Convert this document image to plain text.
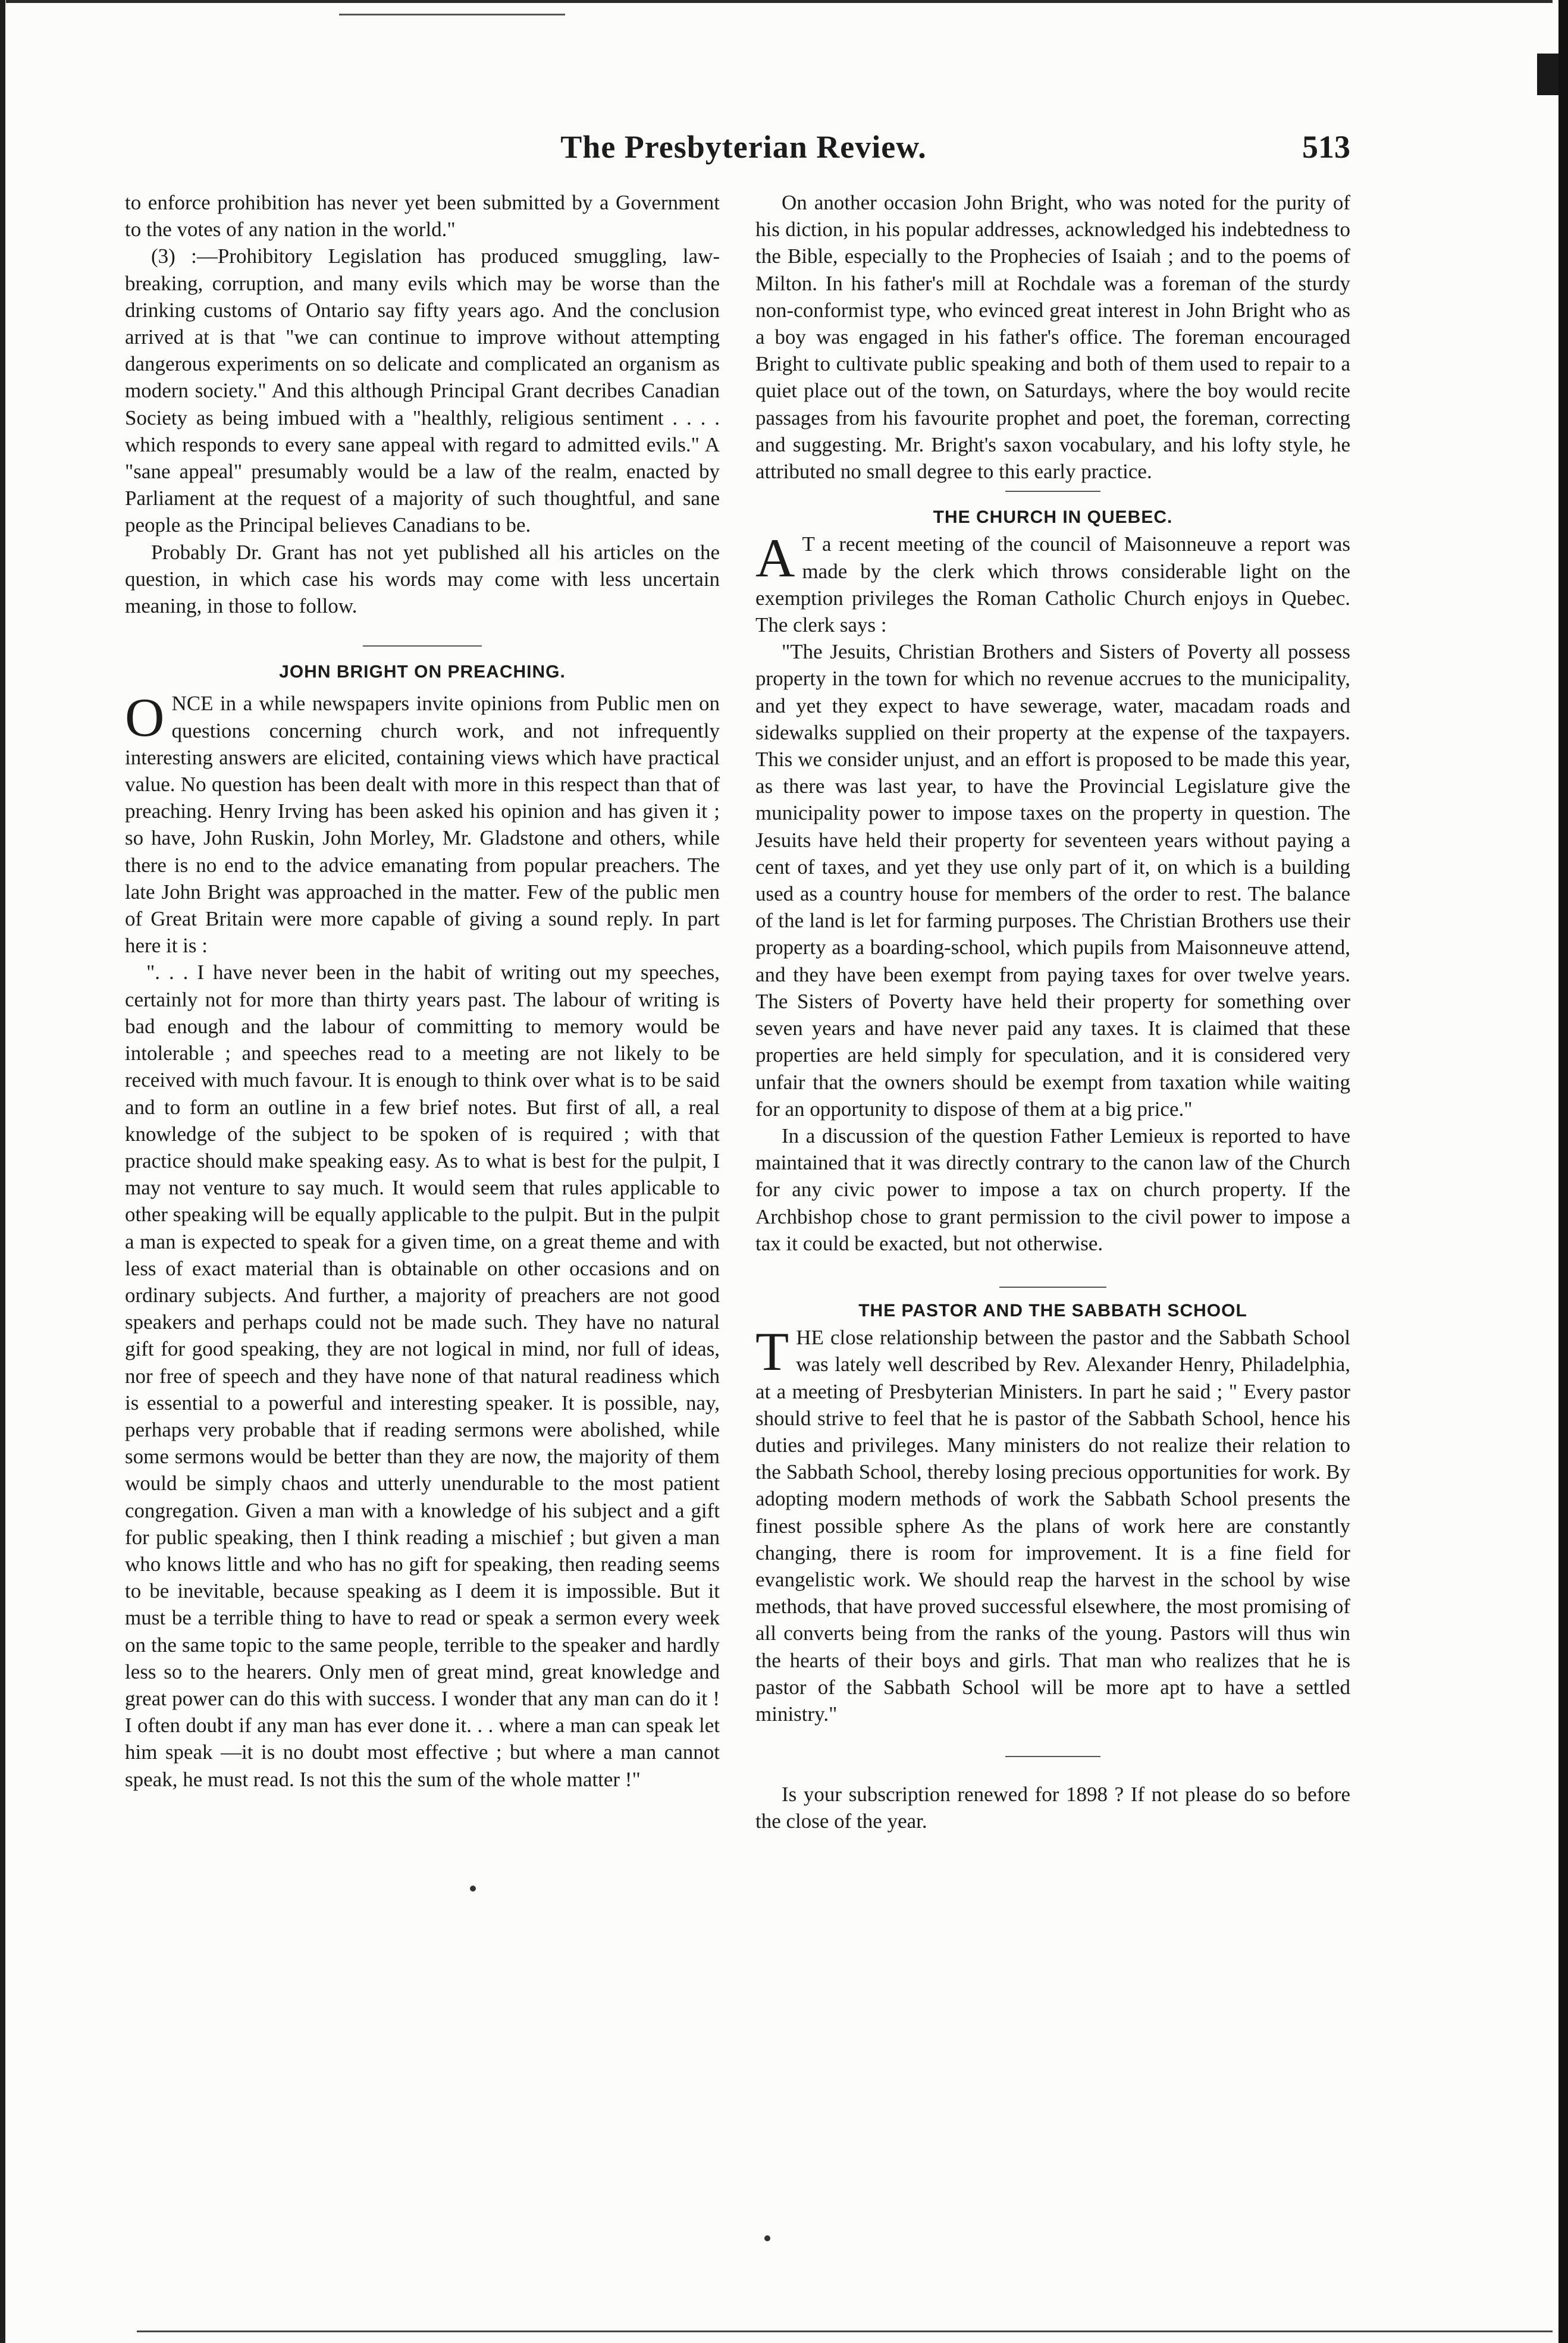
The Presbyterian Review.	513

to enforce prohibition has never yet been submitted by a Government to the votes of any nation in the world."

(3) :—Prohibitory Legislation has produced smuggling, law-breaking, corruption, and many evils which may be worse than the drinking customs of Ontario say fifty years ago. And the conclusion arrived at is that "we can continue to improve without attempting dangerous experiments on so delicate and complicated an organism as modern society." And this although Principal Grant decribes Canadian Society as being imbued with a "healthly, religious sentiment . . . . which responds to every sane appeal with regard to admitted evils." A "sane appeal" presumably would be a law of the realm, enacted by Parliament at the request of a majority of such thoughtful, and sane people as the Principal believes Canadians to be.

Probably Dr. Grant has not yet published all his articles on the question, in which case his words may come with less uncertain meaning, in those to follow.

JOHN BRIGHT ON PREACHING.

ONCE in a while newspapers invite opinions from Public men on questions concerning church work, and not infrequently interesting answers are elicited, containing views which have practical value. No question has been dealt with more in this respect than that of preaching. Henry Irving has been asked his opinion and has given it ; so have, John Ruskin, John Morley, Mr. Gladstone and others, while there is no end to the advice emanating from popular preachers. The late John Bright was approached in the matter. Few of the public men of Great Britain were more capable of giving a sound reply. In part here it is :

". . . I have never been in the habit of writing out my speeches, certainly not for more than thirty years past. The labour of writing is bad enough and the labour of committing to memory would be intolerable ; and speeches read to a meeting are not likely to be received with much favour. It is enough to think over what is to be said and to form an outline in a few brief notes. But first of all, a real knowledge of the subject to be spoken of is required ; with that practice should make speaking easy. As to what is best for the pulpit, I may not venture to say much. It would seem that rules applicable to other speaking will be equally applicable to the pulpit. But in the pulpit a man is expected to speak for a given time, on a great theme and with less of exact material than is obtainable on other occasions and on ordinary subjects. And further, a majority of preachers are not good speakers and perhaps could not be made such. They have no natural gift for good speaking, they are not logical in mind, nor full of ideas, nor free of speech and they have none of that natural readiness which is essential to a powerful and interesting speaker. It is possible, nay, perhaps very probable that if reading sermons were abolished, while some sermons would be better than they are now, the majority of them would be simply chaos and utterly unendurable to the most patient congregation. Given a man with a knowledge of his subject and a gift for public speaking, then I think reading a mischief ; but given a man who knows little and who has no gift for speaking, then reading seems to be inevitable, because speaking as I deem it is impossible. But it must be a terrible thing to have to read or speak a sermon every week on the same topic to the same people, terrible to the speaker and hardly less so to the hearers. Only men of great mind, great knowledge and great power can do this with success. I wonder that any man can do it ! I often doubt if any man has ever done it. . . where a man can speak let him speak —it is no doubt most effective ; but where a man cannot speak, he must read. Is not this the sum of the whole matter !"

On another occasion John Bright, who was noted for the purity of his diction, in his popular addresses, acknowledged his indebtedness to the Bible, especially to the Prophecies of Isaiah ; and to the poems of Milton. In his father's mill at Rochdale was a foreman of the sturdy non-conformist type, who evinced great interest in John Bright who as a boy was engaged in his father's office. The foreman encouraged Bright to cultivate public speaking and both of them used to repair to a quiet place out of the town, on Saturdays, where the boy would recite passages from his favourite prophet and poet, the foreman, correcting and suggesting. Mr. Bright's saxon vocabulary, and his lofty style, he attributed no small degree to this early practice.

THE CHURCH IN QUEBEC.

A T a recent meeting of the council of Maisonneuve a report was made by the clerk which throws considerable light on the exemption privileges the Roman Catholic Church enjoys in Quebec. The clerk says :

"The Jesuits, Christian Brothers and Sisters of Poverty all possess property in the town for which no revenue accrues to the municipality, and yet they expect to have sewerage, water, macadam roads and sidewalks supplied on their property at the expense of the taxpayers. This we consider unjust, and an effort is proposed to be made this year, as there was last year, to have the Provincial Legislature give the municipality power to impose taxes on the property in question. The Jesuits have held their property for seventeen years without paying a cent of taxes, and yet they use only part of it, on which is a building used as a country house for members of the order to rest. The balance of the land is let for farming purposes. The Christian Brothers use their property as a boarding-school, which pupils from Maisonneuve attend, and they have been exempt from paying taxes for over twelve years. The Sisters of Poverty have held their property for something over seven years and have never paid any taxes. It is claimed that these properties are held simply for speculation, and it is considered very unfair that the owners should be exempt from taxation while waiting for an opportunity to dispose of them at a big price."

In a discussion of the question Father Lemieux is reported to have maintained that it was directly contrary to the canon law of the Church for any civic power to impose a tax on church property. If the Archbishop chose to grant permission to the civil power to impose a tax it could be exacted, but not otherwise.

THE PASTOR AND THE SABBATH SCHOOL

THE close relationship between the pastor and the Sabbath School was lately well described by Rev. Alexander Henry, Philadelphia, at a meeting of Presbyterian Ministers. In part he said ; " Every pastor should strive to feel that he is pastor of the Sabbath School, hence his duties and privileges. Many ministers do not realize their relation to the Sabbath School, thereby losing precious opportunities for work. By adopting modern methods of work the Sabbath School presents the finest possible sphere As the plans of work here are constantly changing, there is room for improvement. It is a fine field for evangelistic work. We should reap the harvest in the school by wise methods, that have proved successful elsewhere, the most promising of all converts being from the ranks of the young. Pastors will thus win the hearts of their boys and girls. That man who realizes that he is pastor of the Sabbath School will be more apt to have a settled ministry."

Is your subscription renewed for 1898 ? If not please do so before the close of the year.
